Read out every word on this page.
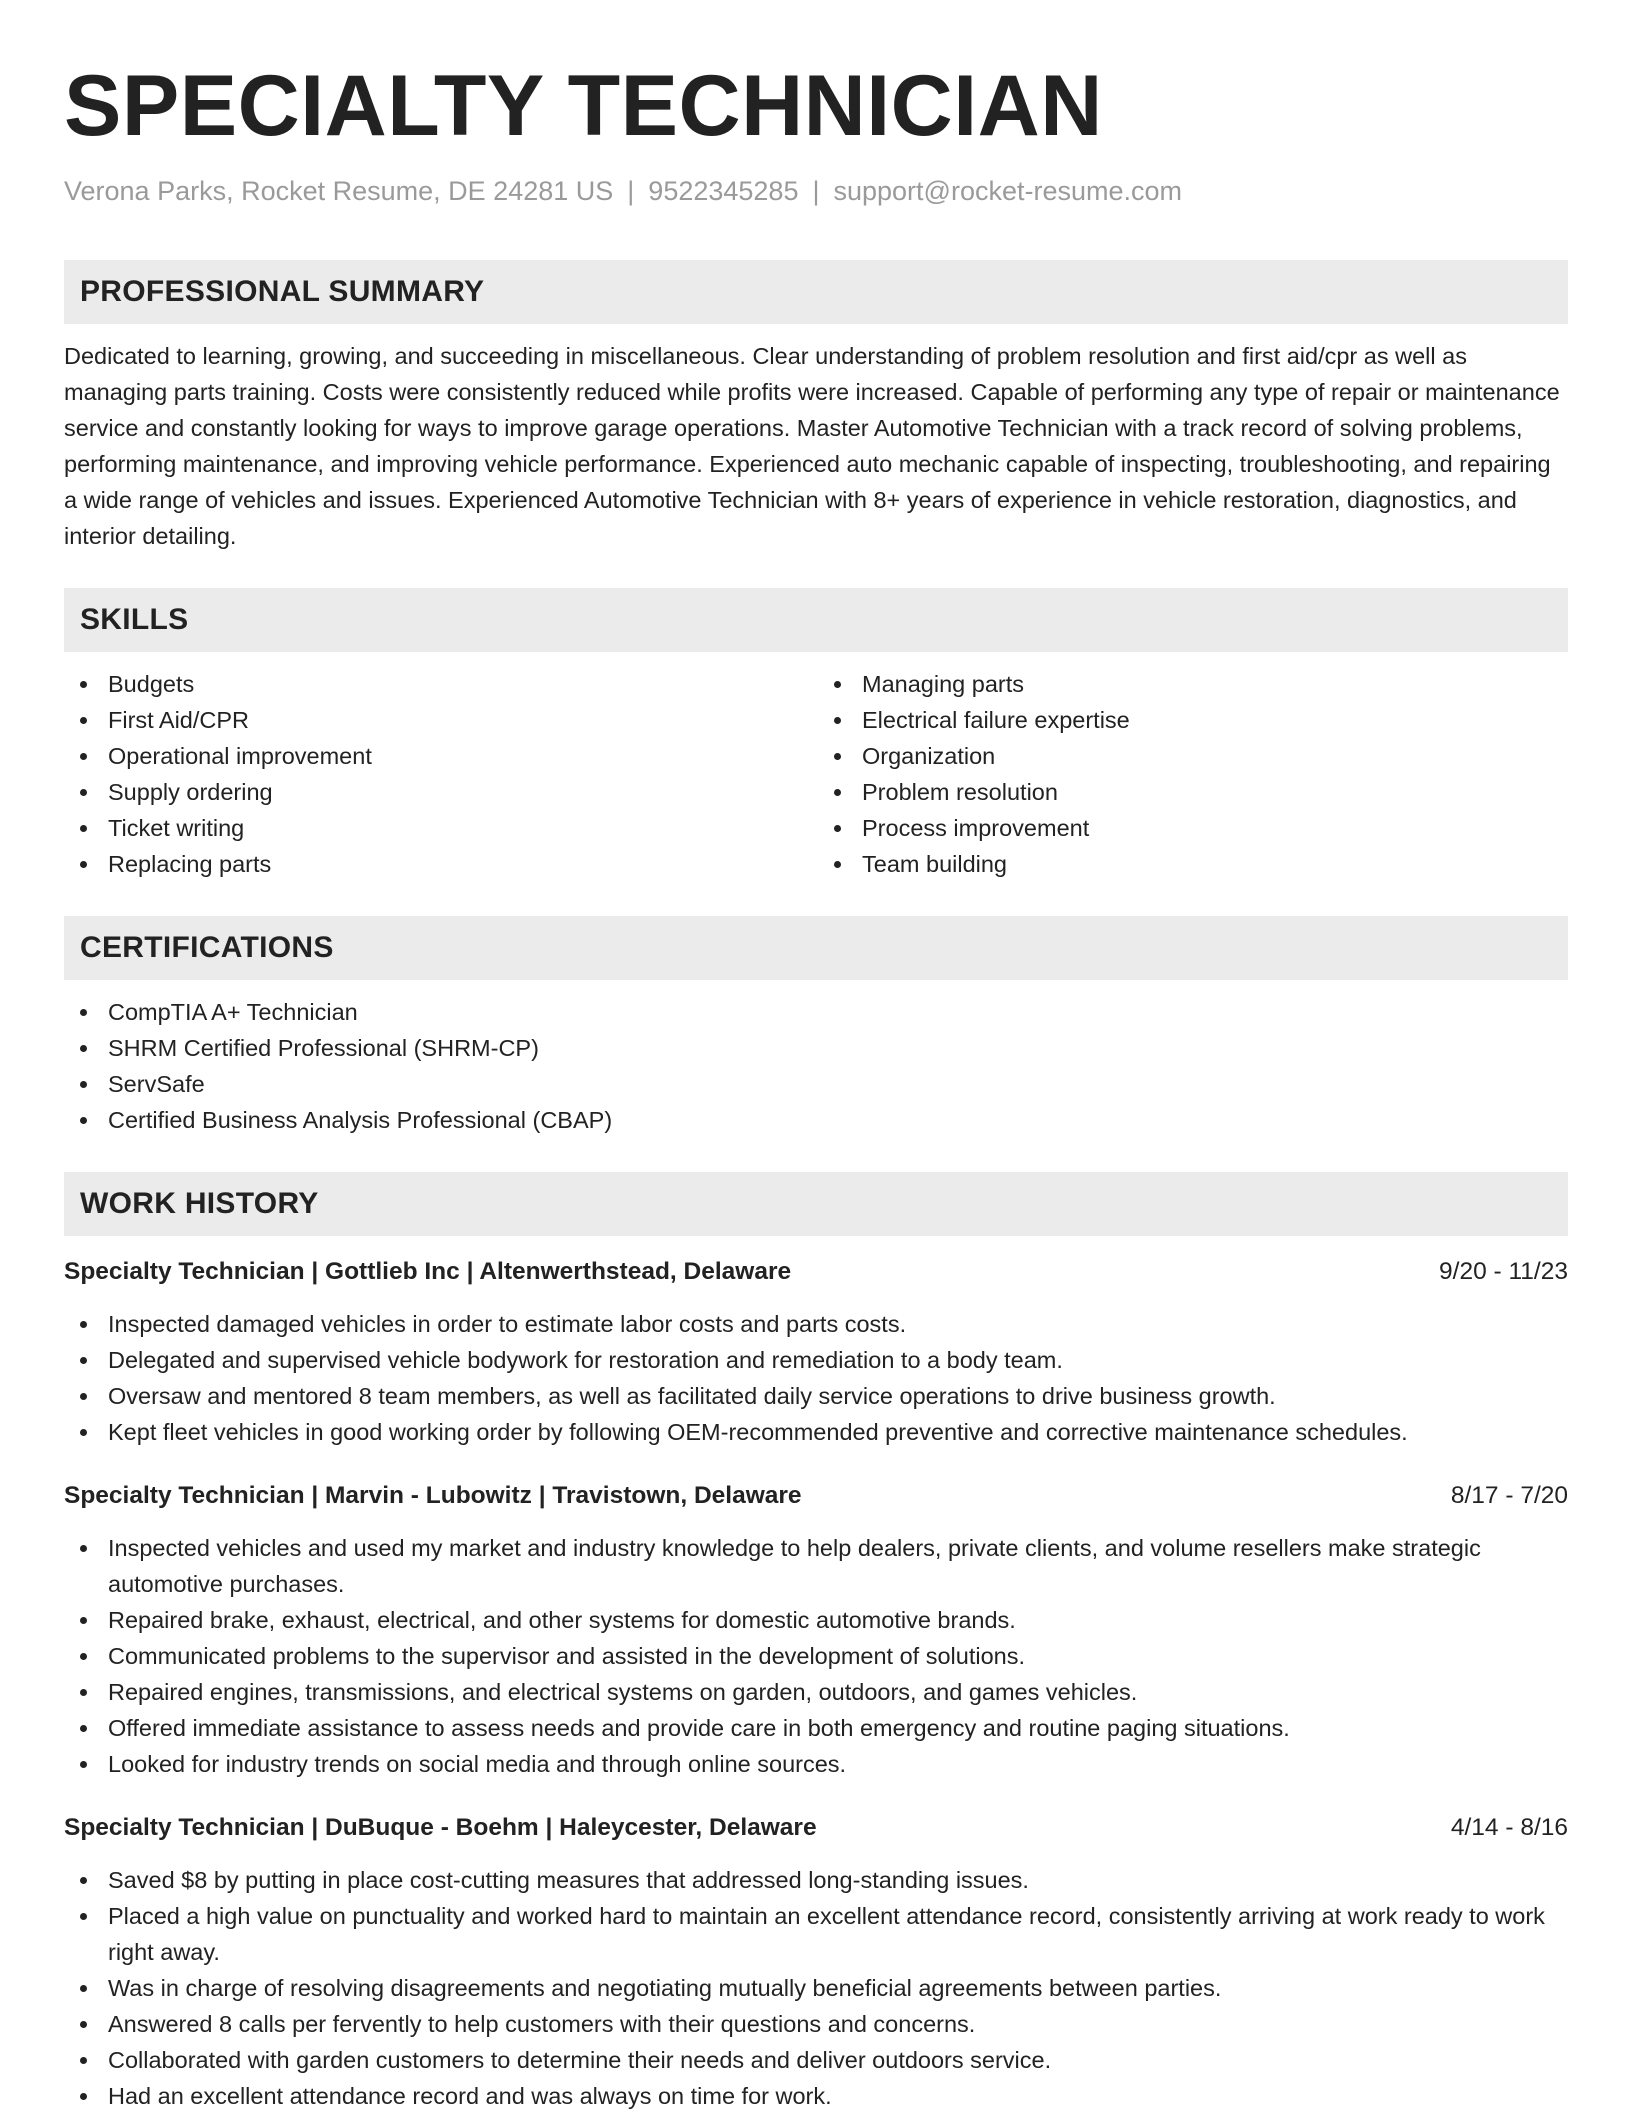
SPECIALTY TECHNICIAN
Verona Parks, Rocket Resume, DE 24281 US | 9522345285 | support@rocket-resume.com
PROFESSIONAL SUMMARY
Dedicated to learning, growing, and succeeding in miscellaneous. Clear understanding of problem resolution and first aid/cpr as well as managing parts training. Costs were consistently reduced while profits were increased. Capable of performing any type of repair or maintenance service and constantly looking for ways to improve garage operations. Master Automotive Technician with a track record of solving problems, performing maintenance, and improving vehicle performance. Experienced auto mechanic capable of inspecting, troubleshooting, and repairing a wide range of vehicles and issues. Experienced Automotive Technician with 8+ years of experience in vehicle restoration, diagnostics, and interior detailing.
SKILLS
Budgets
First Aid/CPR
Operational improvement
Supply ordering
Ticket writing
Replacing parts
Managing parts
Electrical failure expertise
Organization
Problem resolution
Process improvement
Team building
CERTIFICATIONS
CompTIA A+ Technician
SHRM Certified Professional (SHRM-CP)
ServSafe
Certified Business Analysis Professional (CBAP)
WORK HISTORY
Specialty Technician | Gottlieb Inc | Altenwerthstead, Delaware	9/20 - 11/23
Inspected damaged vehicles in order to estimate labor costs and parts costs.
Delegated and supervised vehicle bodywork for restoration and remediation to a body team.
Oversaw and mentored 8 team members, as well as facilitated daily service operations to drive business growth.
Kept fleet vehicles in good working order by following OEM-recommended preventive and corrective maintenance schedules.
Specialty Technician | Marvin - Lubowitz | Travistown, Delaware	8/17 - 7/20
Inspected vehicles and used my market and industry knowledge to help dealers, private clients, and volume resellers make strategic automotive purchases.
Repaired brake, exhaust, electrical, and other systems for domestic automotive brands.
Communicated problems to the supervisor and assisted in the development of solutions.
Repaired engines, transmissions, and electrical systems on garden, outdoors, and games vehicles.
Offered immediate assistance to assess needs and provide care in both emergency and routine paging situations.
Looked for industry trends on social media and through online sources.
Specialty Technician | DuBuque - Boehm | Haleycester, Delaware	4/14 - 8/16
Saved $8 by putting in place cost-cutting measures that addressed long-standing issues.
Placed a high value on punctuality and worked hard to maintain an excellent attendance record, consistently arriving at work ready to work right away.
Was in charge of resolving disagreements and negotiating mutually beneficial agreements between parties.
Answered 8 calls per fervently to help customers with their questions and concerns.
Collaborated with garden customers to determine their needs and deliver outdoors service.
Had an excellent attendance record and was always on time for work.
